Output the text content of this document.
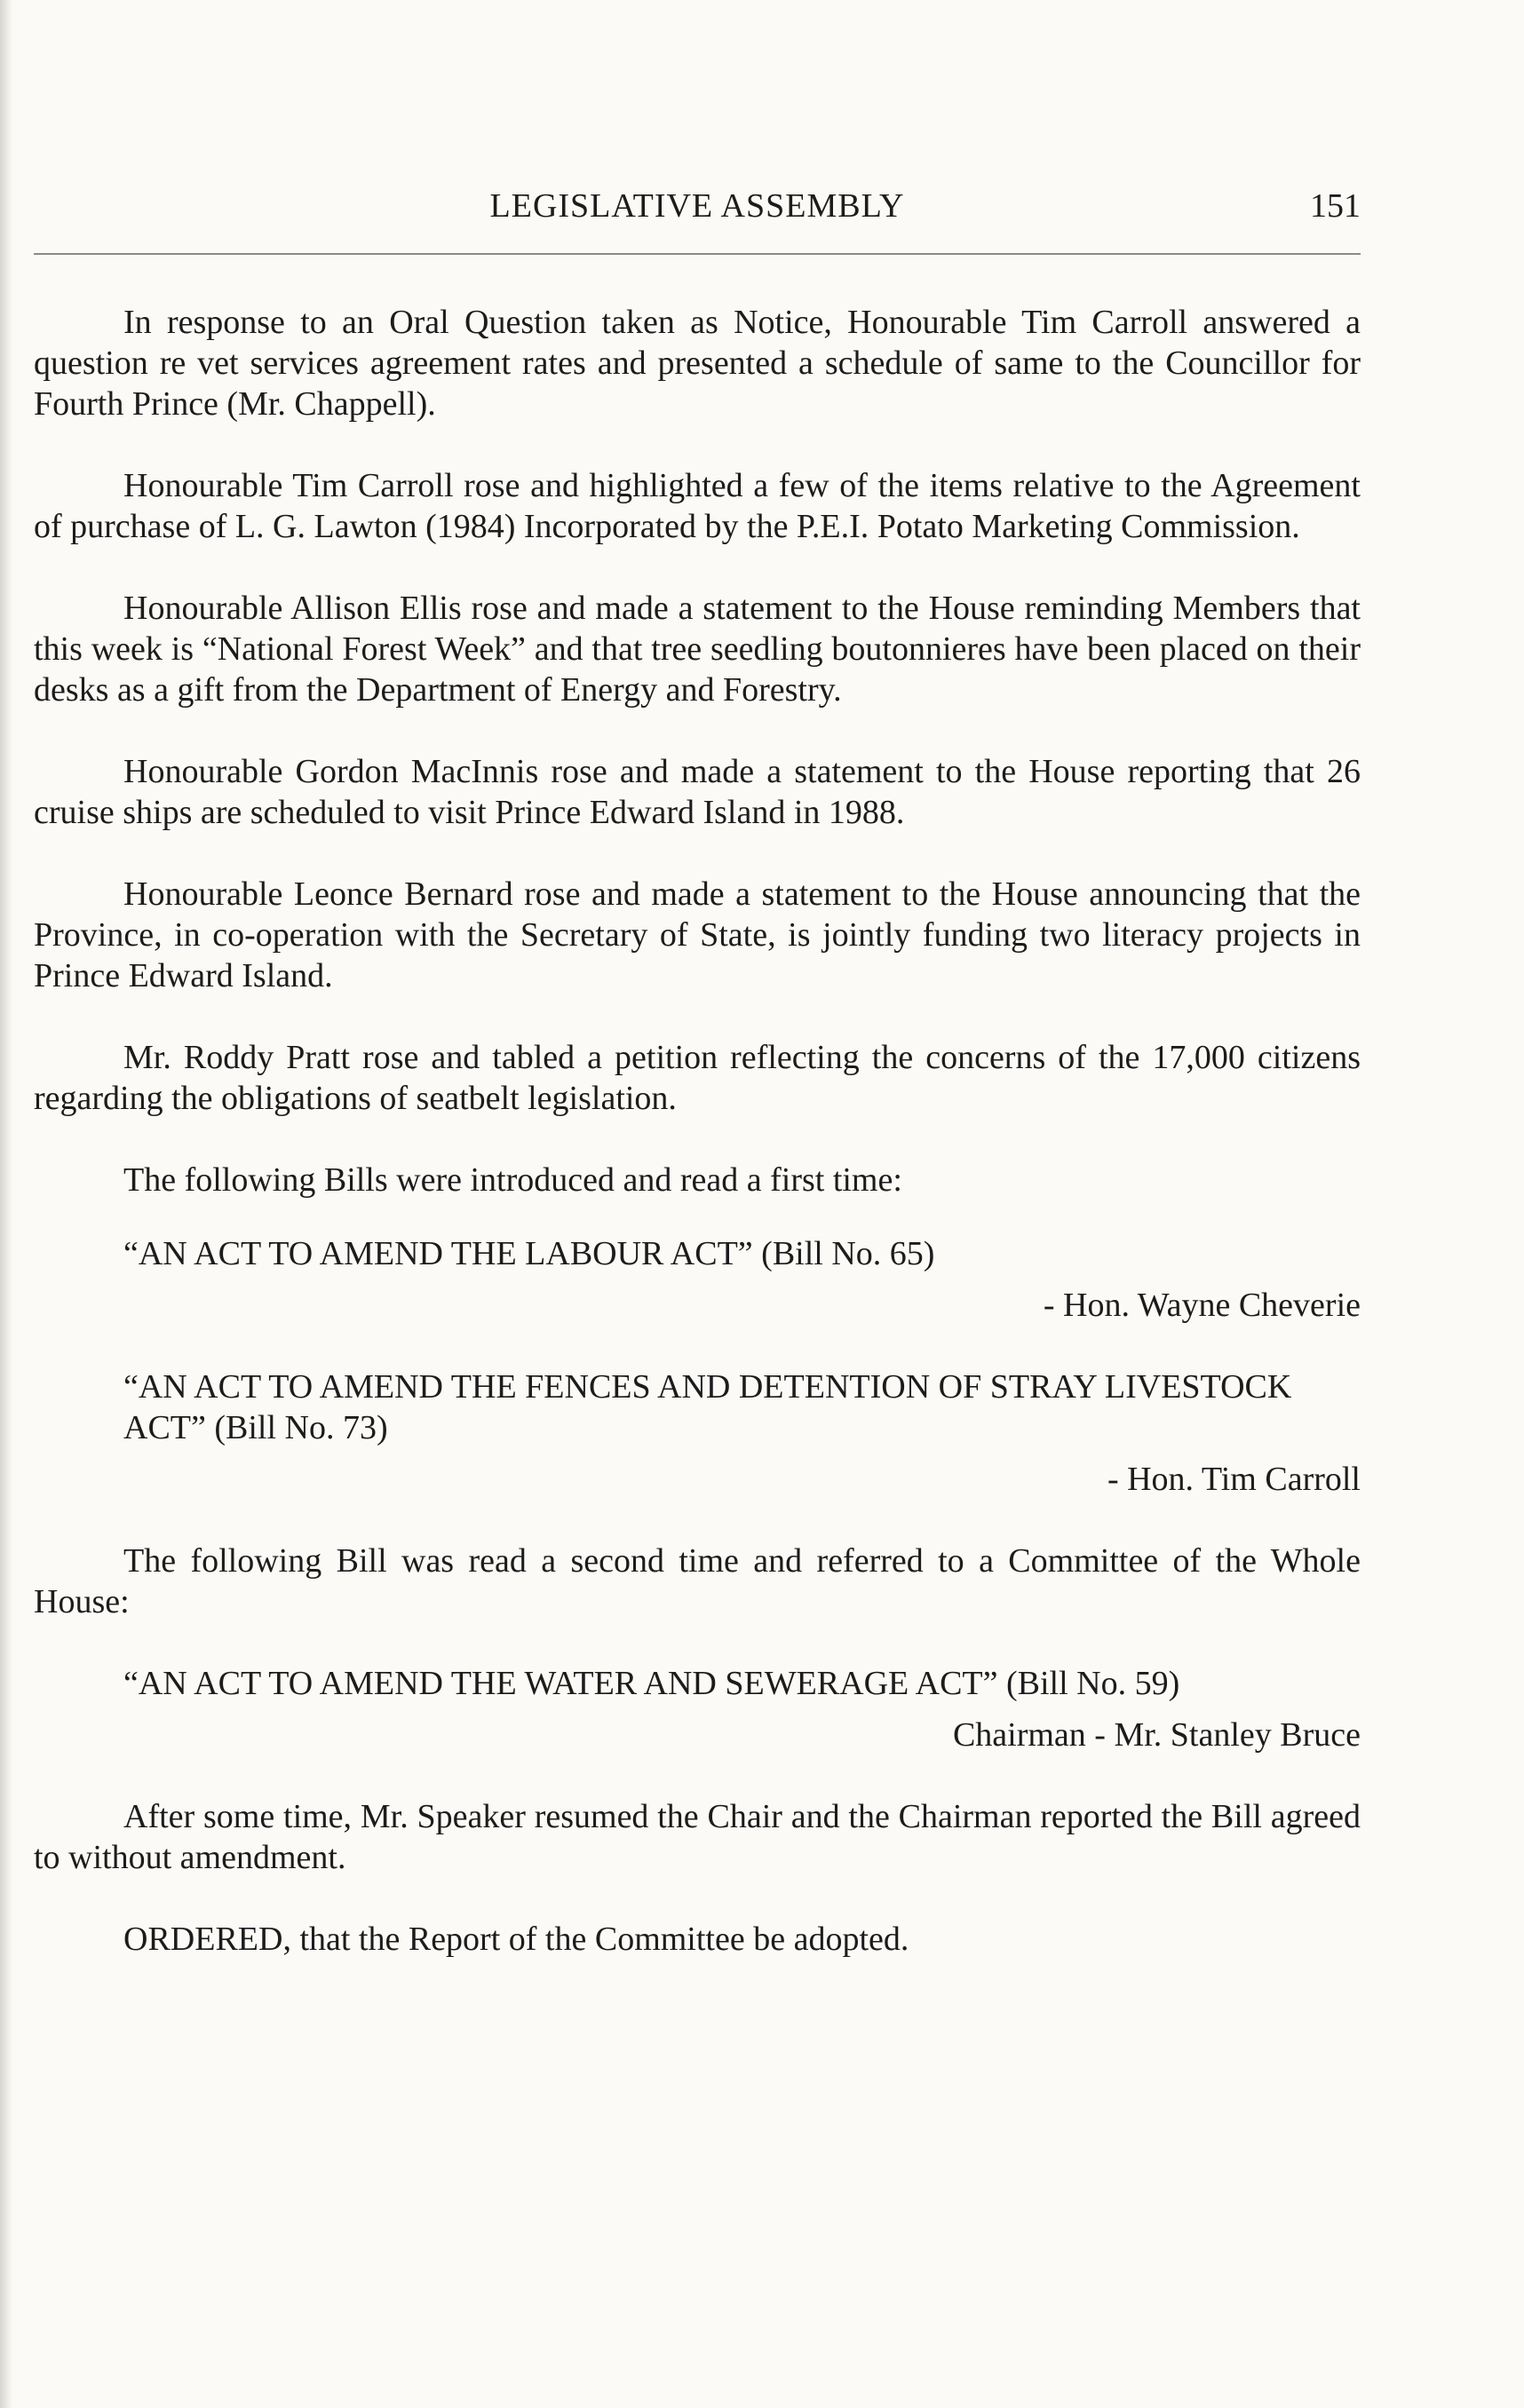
LEGISLATIVE ASSEMBLY	151

In response to an Oral Question taken as Notice, Honourable Tim Carroll answered a question re vet services agreement rates and presented a schedule of same to the Councillor for Fourth Prince (Mr. Chappell).

Honourable Tim Carroll rose and highlighted a few of the items relative to the Agreement of purchase of L. G. Lawton (1984) Incorporated by the P.E.I. Potato Marketing Commission.

Honourable Allison Ellis rose and made a statement to the House reminding Members that this week is “National Forest Week” and that tree seedling boutonnieres have been placed on their desks as a gift from the Department of Energy and Forestry.

Honourable Gordon MacInnis rose and made a statement to the House reporting that 26 cruise ships are scheduled to visit Prince Edward Island in 1988.

Honourable Leonce Bernard rose and made a statement to the House announcing that the Province, in co-operation with the Secretary of State, is jointly funding two literacy projects in Prince Edward Island.

Mr. Roddy Pratt rose and tabled a petition reflecting the concerns of the 17,000 citizens regarding the obligations of seatbelt legislation.

The following Bills were introduced and read a first time:

“AN ACT TO AMEND THE LABOUR ACT” (Bill No. 65)

- Hon. Wayne Cheverie

“AN ACT TO AMEND THE FENCES AND DETENTION OF STRAY LIVESTOCK ACT” (Bill No. 73)

- Hon. Tim Carroll

The following Bill was read a second time and referred to a Committee of the Whole House:

“AN ACT TO AMEND THE WATER AND SEWERAGE ACT” (Bill No. 59)

Chairman - Mr. Stanley Bruce

After some time, Mr. Speaker resumed the Chair and the Chairman reported the Bill agreed to without amendment.

ORDERED, that the Report of the Committee be adopted.
